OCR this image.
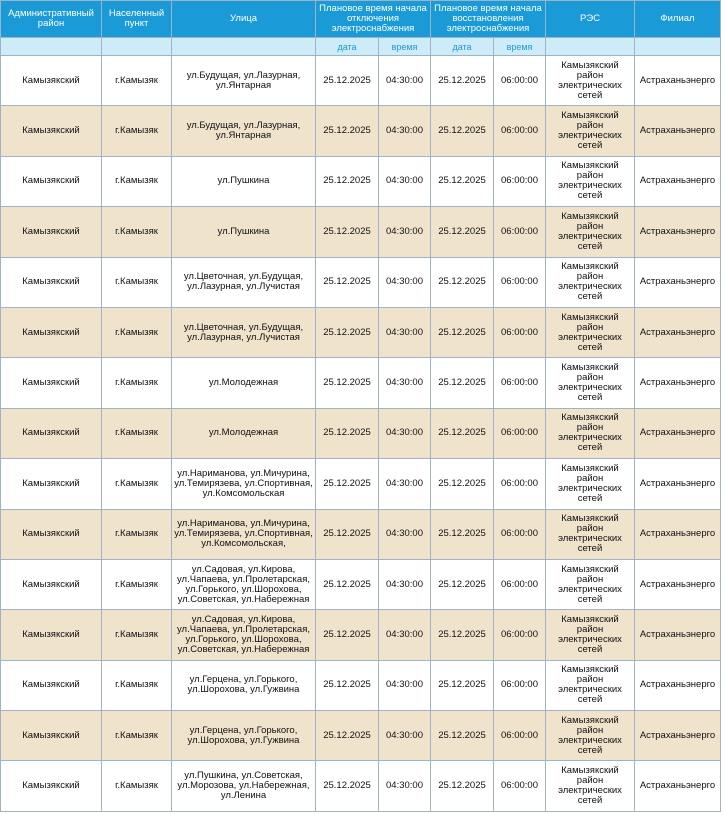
Административный район	Населенный пункт	Улица	Плановое время начала отключения электроснабжения		Плановое время начала восстановления электроснабжения		РЭС	Филиал
			дата	время	дата	время		
Камызякский	г.Камызяк	ул.Будущая, ул.Лазурная, ул.Янтарная	25.12.2025	04:30:00	25.12.2025	06:00:00	Камызякский район электрических сетей	Астраханьэнерго
Камызякский	г.Камызяк	ул.Будущая, ул.Лазурная, ул.Янтарная	25.12.2025	04:30:00	25.12.2025	06:00:00	Камызякский район электрических сетей	Астраханьэнерго
Камызякский	г.Камызяк	ул.Пушкина	25.12.2025	04:30:00	25.12.2025	06:00:00	Камызякский район электрических сетей	Астраханьэнерго
Камызякский	г.Камызяк	ул.Пушкина	25.12.2025	04:30:00	25.12.2025	06:00:00	Камызякский район электрических сетей	Астраханьэнерго
Камызякский	г.Камызяк	ул.Цветочная, ул.Будущая, ул.Лазурная, ул.Лучистая	25.12.2025	04:30:00	25.12.2025	06:00:00	Камызякский район электрических сетей	Астраханьэнерго
Камызякский	г.Камызяк	ул.Цветочная, ул.Будущая, ул.Лазурная, ул.Лучистая	25.12.2025	04:30:00	25.12.2025	06:00:00	Камызякский район электрических сетей	Астраханьэнерго
Камызякский	г.Камызяк	ул.Молодежная	25.12.2025	04:30:00	25.12.2025	06:00:00	Камызякский район электрических сетей	Астраханьэнерго
Камызякский	г.Камызяк	ул.Молодежная	25.12.2025	04:30:00	25.12.2025	06:00:00	Камызякский район электрических сетей	Астраханьэнерго
Камызякский	г.Камызяк	ул.Нариманова, ул.Мичурина, ул.Темирязева, ул.Спортивная, ул.Комсомольская	25.12.2025	04:30:00	25.12.2025	06:00:00	Камызякский район электрических сетей	Астраханьэнерго
Камызякский	г.Камызяк	ул.Нариманова, ул.Мичурина, ул.Темирязева, ул.Спортивная, ул.Комсомольская,	25.12.2025	04:30:00	25.12.2025	06:00:00	Камызякский район электрических сетей	Астраханьэнерго
Камызякский	г.Камызяк	ул.Садовая, ул.Кирова, ул.Чапаева, ул.Пролетарская, ул.Горького, ул.Шорохова, ул.Советская, ул.Набережная	25.12.2025	04:30:00	25.12.2025	06:00:00	Камызякский район электрических сетей	Астраханьэнерго
Камызякский	г.Камызяк	ул.Садовая, ул.Кирова, ул.Чапаева, ул.Пролетарская, ул.Горького, ул.Шорохова, ул.Советская, ул.Набережная	25.12.2025	04:30:00	25.12.2025	06:00:00	Камызякский район электрических сетей	Астраханьэнерго
Камызякский	г.Камызяк	ул.Герцена, ул.Горького, ул.Шорохова, ул.Гужвина	25.12.2025	04:30:00	25.12.2025	06:00:00	Камызякский район электрических сетей	Астраханьэнерго
Камызякский	г.Камызяк	ул.Герцена, ул.Горького, ул.Шорохова, ул.Гужвина	25.12.2025	04:30:00	25.12.2025	06:00:00	Камызякский район электрических сетей	Астраханьэнерго
Камызякский	г.Камызяк	ул.Пушкина, ул.Советская, ул.Морозова, ул.Набережная, ул.Ленина	25.12.2025	04:30:00	25.12.2025	06:00:00	Камызякский район электрических сетей	Астраханьэнерго
